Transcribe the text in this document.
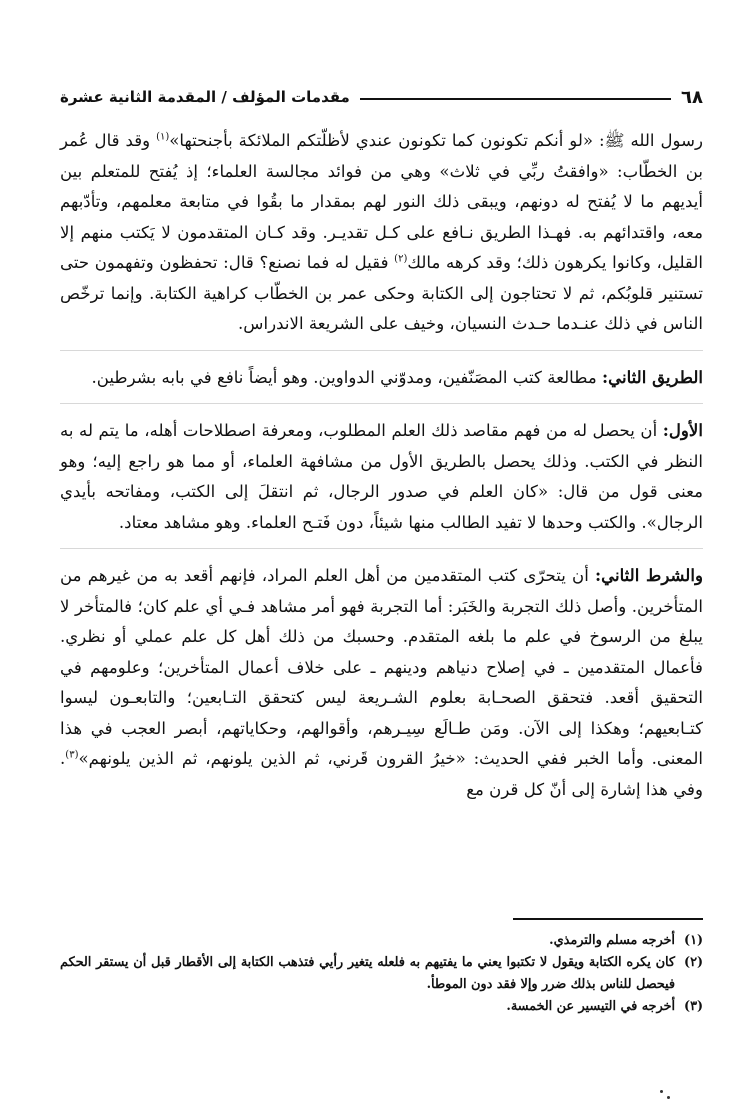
٦٨
مقدمات المؤلف / المقدمة الثانية عشرة

رسول الله ﷺ: «لو أنكم تكونون كما تكونون عندي لأظلّتكم الملائكة بأجنحتها»$^{(١)}$ وقد قال عُمر بن الخطّاب: «وافقتُ ربِّي في ثلاث» وهي من فوائد مجالسة العلماء؛ إذ يُفتح للمتعلم بين أيديهم ما لا يُفتح له دونهم، ويبقى ذلك النور لهم بمقدار ما بقُوا في متابعة معلمهم، وتأدّبهم معه، واقتدائهم به. فهـذا الطريق نـافع على كـل تقديـر. وقد كـان المتقدمون لا يَكتب منهم إلا القليل، وكانوا يكرهون ذلك؛ وقد كرهه مالك$^{(٢)}$ فقيل له فما نصنع؟ قال: تحفظون وتفهمون حتى تستنير قلوبُكم، ثم لا تحتاجون إلى الكتابة وحكى عمر بن الخطّاب كراهية الكتابة. وإنما ترخّص الناس في ذلك عنـدما حـدث النسيان، وخيف على الشريعة الاندراس.

الطريق الثاني: مطالعة كتب المصَنّفين، ومدوّني الدواوين. وهو أيضاً نافع في بابه بشرطين.

الأول: أن يحصل له من فهم مقاصد ذلك العلم المطلوب، ومعرفة اصطلاحات أهله، ما يتم له به النظر في الكتب. وذلك يحصل بالطريق الأول من مشافهة العلماء، أو مما هو راجع إليه؛ وهو معنى قول من قال: «كان العلم في صدور الرجال، ثم انتقلَ إلى الكتب، ومفاتحه بأيدي الرجال». والكتب وحدها لا تفيد الطالب منها شيئاً، دون فَتـح العلماء. وهو مشاهد معتاد.

والشرط الثاني: أن يتحرّى كتب المتقدمين من أهل العلم المراد، فإنهم أقعد به من غيرهم من المتأخرين. وأصل ذلك التجربة والخَبَر: أما التجربة فهو أمر مشاهد فـي أي علم كان؛ فالمتأخر لا يبلغ من الرسوخ في علم ما بلغه المتقدم. وحسبك من ذلك أهل كل علم عملي أو نظري. فأعمال المتقدمين ـ في إصلاح دنياهم ودينهم ـ على خلاف أعمال المتأخرين؛ وعلومهم في التحقيق أقعد. فتحقق الصحـابة بعلوم الشـريعة ليس كتحقق التـابعين؛ والتابعـون ليسوا كتـابعيهم؛ وهكذا إلى الآن. ومَن طـالَع سِيـرهم، وأقوالهم، وحكاياتهم، أبصر العجب في هذا المعنى. وأما الخبر ففي الحديث: «خيرُ القرون قَرني، ثم الذين يلونهم، ثم الذين يلونهم»$^{(٣)}$. وفي هذا إشارة إلى أنّ كل قرن مع

(١)
أخرجه مسلم والترمذي.
(٢)
كان يكره الكتابة ويقول لا تكتبوا يعني ما يفتيهم به فلعله يتغير رأيي فتذهب الكتابة إلى الأقطار قبل أن يستقر الحكم فيحصل للناس بذلك ضرر وإلا فقد دون الموطأ.
(٣)
أخرجه في التيسير عن الخمسة.
